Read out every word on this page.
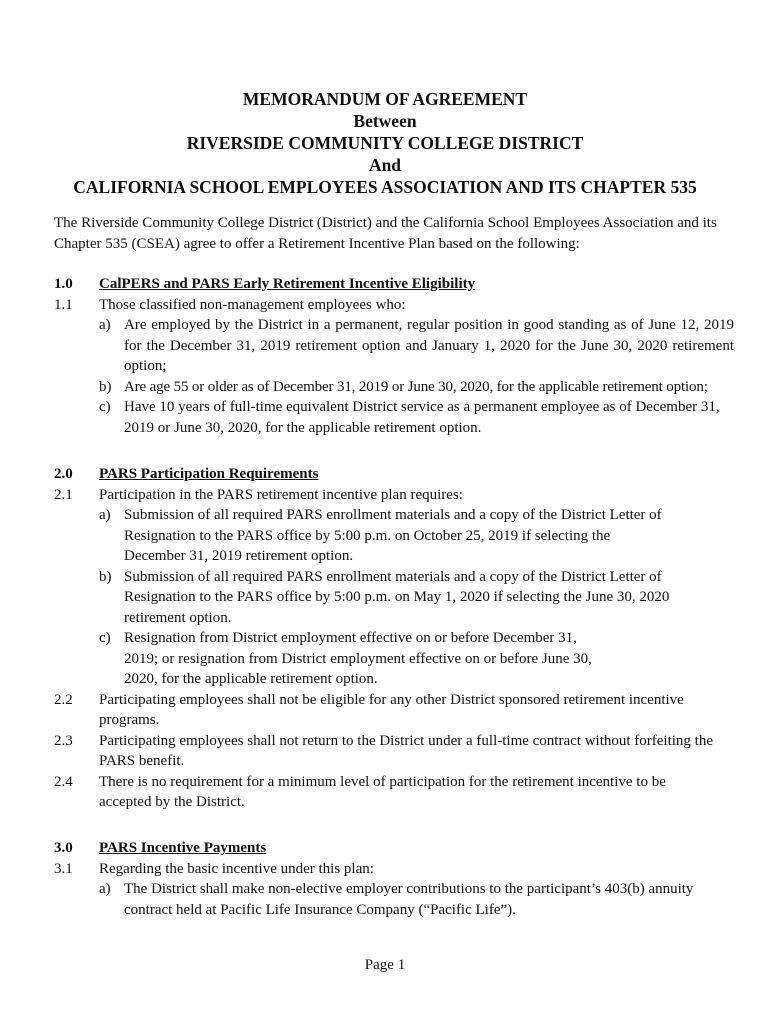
MEMORANDUM OF AGREEMENT
Between
RIVERSIDE COMMUNITY COLLEGE DISTRICT
And
CALIFORNIA SCHOOL EMPLOYEES ASSOCIATION AND ITS CHAPTER 535
The Riverside Community College District (District) and the California School Employees Association and its Chapter 535 (CSEA) agree to offer a Retirement Incentive Plan based on the following:
1.0 CalPERS and PARS Early Retirement Incentive Eligibility
1.1	Those classified non-management employees who:
a) Are employed by the District in a permanent, regular position in good standing as of June 12, 2019 for the December 31, 2019 retirement option and January 1, 2020 for the June 30, 2020 retirement option;
b) Are age 55 or older as of December 31, 2019 or June 30, 2020, for the applicable retirement option;
c) Have 10 years of full-time equivalent District service as a permanent employee as of December 31, 2019 or June 30, 2020, for the applicable retirement option.
2.0 PARS Participation Requirements
2.1	Participation in the PARS retirement incentive plan requires:
a) Submission of all required PARS enrollment materials and a copy of the District Letter of Resignation to the PARS office by 5:00 p.m. on October 25, 2019 if selecting the December 31, 2019 retirement option.
b) Submission of all required PARS enrollment materials and a copy of the District Letter of Resignation to the PARS office by 5:00 p.m. on May 1, 2020 if selecting the June 30, 2020 retirement option.
c) Resignation from District employment effective on or before December 31, 2019; or resignation from District employment effective on or before June 30, 2020, for the applicable retirement option.
2.2	Participating employees shall not be eligible for any other District sponsored retirement incentive programs.
2.3	Participating employees shall not return to the District under a full-time contract without forfeiting the PARS benefit.
2.4	There is no requirement for a minimum level of participation for the retirement incentive to be accepted by the District.
3.0 PARS Incentive Payments
3.1	Regarding the basic incentive under this plan:
a) The District shall make non-elective employer contributions to the participant’s 403(b) annuity contract held at Pacific Life Insurance Company (“Pacific Life”).
Page 1
